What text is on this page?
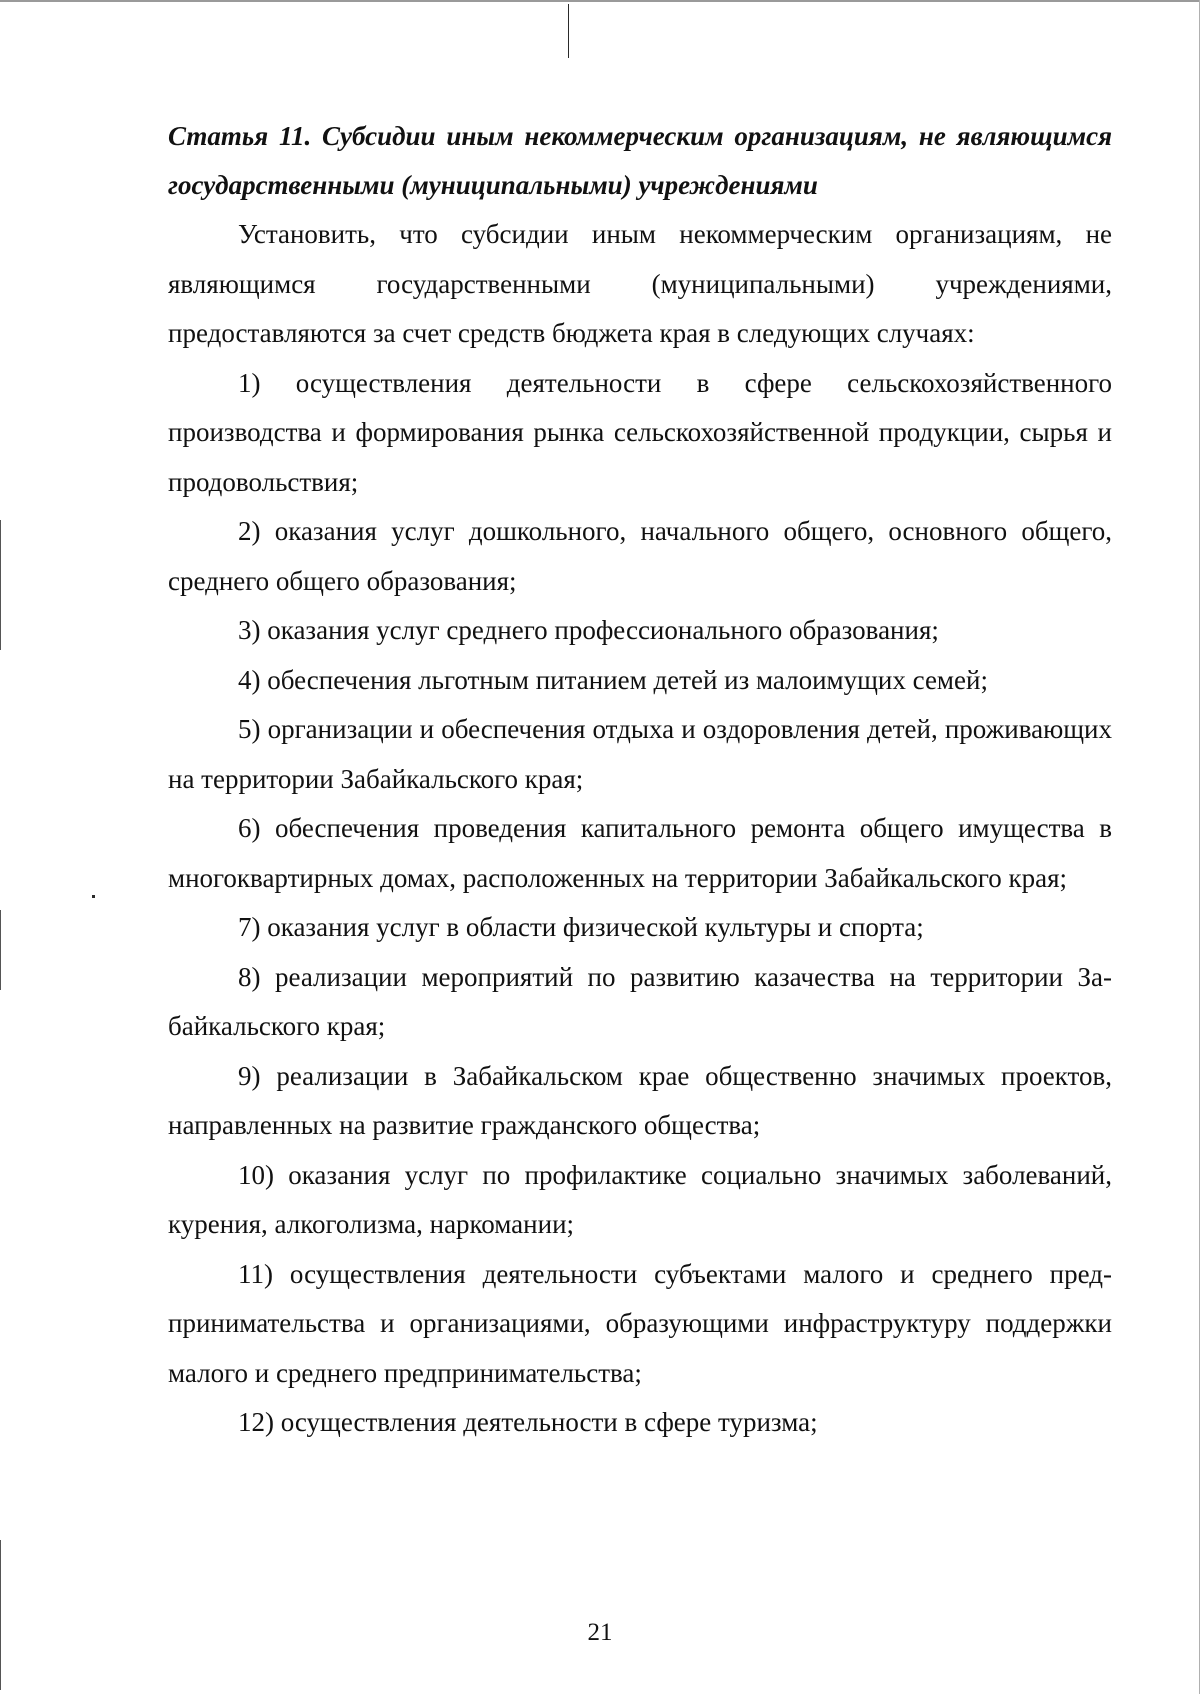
Статья 11. Субсидии иным некоммерческим организациям, не являющимся государственными (муниципальными) учреждениями

Установить, что субсидии иным некоммерческим организациям, не являющимся государственными (муниципальными) учреждениями, предоставляются за счет средств бюджета края в следующих случаях:

1) осуществления деятельности в сфере сельскохозяйственного производства и формирования рынка сельскохозяйственной продукции, сырья и продовольствия;

2) оказания услуг дошкольного, начального общего, основного общего, среднего общего образования;

3) оказания услуг среднего профессионального образования;

4) обеспечения льготным питанием детей из малоимущих семей;

5) организации и обеспечения отдыха и оздоровления детей, проживающих на территории Забайкальского края;

6) обеспечения проведения капитального ремонта общего имущества в многоквартирных домах, расположенных на территории Забайкальского края;

7) оказания услуг в области физической культуры и спорта;

8) реализации мероприятий по развитию казачества на территории Забайкальского края;

9) реализации в Забайкальском крае общественно значимых проектов, направленных на развитие гражданского общества;

10) оказания услуг по профилактике социально значимых заболеваний, курения, алкоголизма, наркомании;

11) осуществления деятельности субъектами малого и среднего предпринимательства и организациями, образующими инфраструктуру поддержки малого и среднего предпринимательства;

12) осуществления деятельности в сфере туризма;

21
